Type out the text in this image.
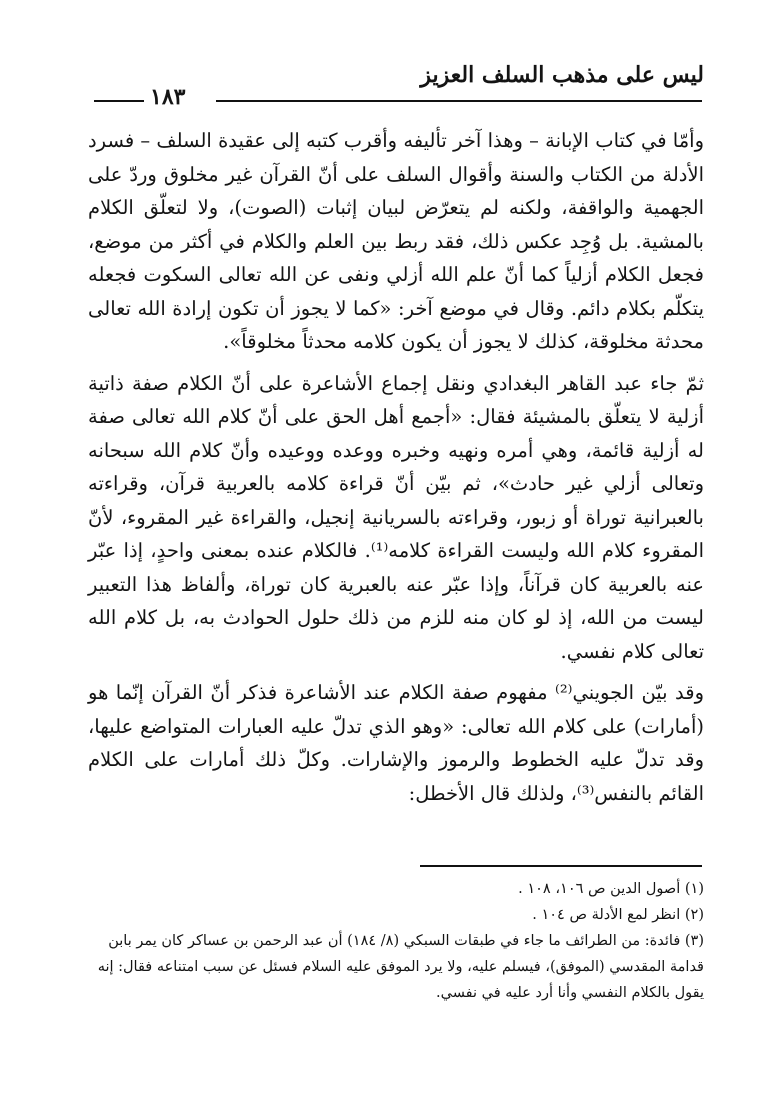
ليس على مذهب السلف العزيز
١٨٣

وأمّا في كتاب الإبانة – وهذا آخر تأليفه وأقرب كتبه إلى عقيدة السلف – فسرد الأدلة من الكتاب والسنة وأقوال السلف على أنّ القرآن غير مخلوق وردّ على الجهمية والواقفة، ولكنه لم يتعرّض لبيان إثبات (الصوت)، ولا لتعلّق الكلام بالمشية. بل وُجِد عكس ذلك، فقد ربط بين العلم والكلام في أكثر من موضع، فجعل الكلام أزلياً كما أنّ علم الله أزلي ونفى عن الله تعالى السكوت فجعله يتكلّم بكلام دائم. وقال في موضع آخر: «كما لا يجوز أن تكون إرادة الله تعالى محدثة مخلوقة، كذلك لا يجوز أن يكون كلامه محدثاً مخلوقاً».

ثمّ جاء عبد القاهر البغدادي ونقل إجماع الأشاعرة على أنّ الكلام صفة ذاتية أزلية لا يتعلّق بالمشيئة فقال: «أجمع أهل الحق على أنّ كلام الله تعالى صفة له أزلية قائمة، وهي أمره ونهيه وخبره ووعده ووعيده وأنّ كلام الله سبحانه وتعالى أزلي غير حادث»، ثم بيّن أنّ قراءة كلامه بالعربية قرآن، وقراءته بالعبرانية توراة أو زبور، وقراءته بالسريانية إنجيل، والقراءة غير المقروء، لأنّ المقروء كلام الله وليست القراءة كلامه⁽¹⁾. فالكلام عنده بمعنى واحدٍ، إذا عبّر عنه بالعربية كان قرآناً، وإذا عبّر عنه بالعبرية كان توراة، وألفاظ هذا التعبير ليست من الله، إذ لو كان منه للزم من ذلك حلول الحوادث به، بل كلام الله تعالى كلام نفسي.

وقد بيّن الجويني⁽²⁾ مفهوم صفة الكلام عند الأشاعرة فذكر أنّ القرآن إنّما هو (أمارات) على كلام الله تعالى: «وهو الذي تدلّ عليه العبارات المتواضع عليها، وقد تدلّ عليه الخطوط والرموز والإشارات. وكلّ ذلك أمارات على الكلام القائم بالنفس⁽³⁾، ولذلك قال الأخطل:

(١) أصول الدين ص ١٠٦، ١٠٨ .

(٢) انظر لمع الأدلة ص ١٠٤ .

(٣) فائدة: من الطرائف ما جاء في طبقات السبكي (٨/ ١٨٤) أن عبد الرحمن بن عساكر كان يمر بابن قدامة المقدسي (الموفق)، فيسلم عليه، ولا يرد الموفق عليه السلام فسئل عن سبب امتناعه فقال: إنه يقول بالكلام النفسي وأنا أرد عليه في نفسي.
